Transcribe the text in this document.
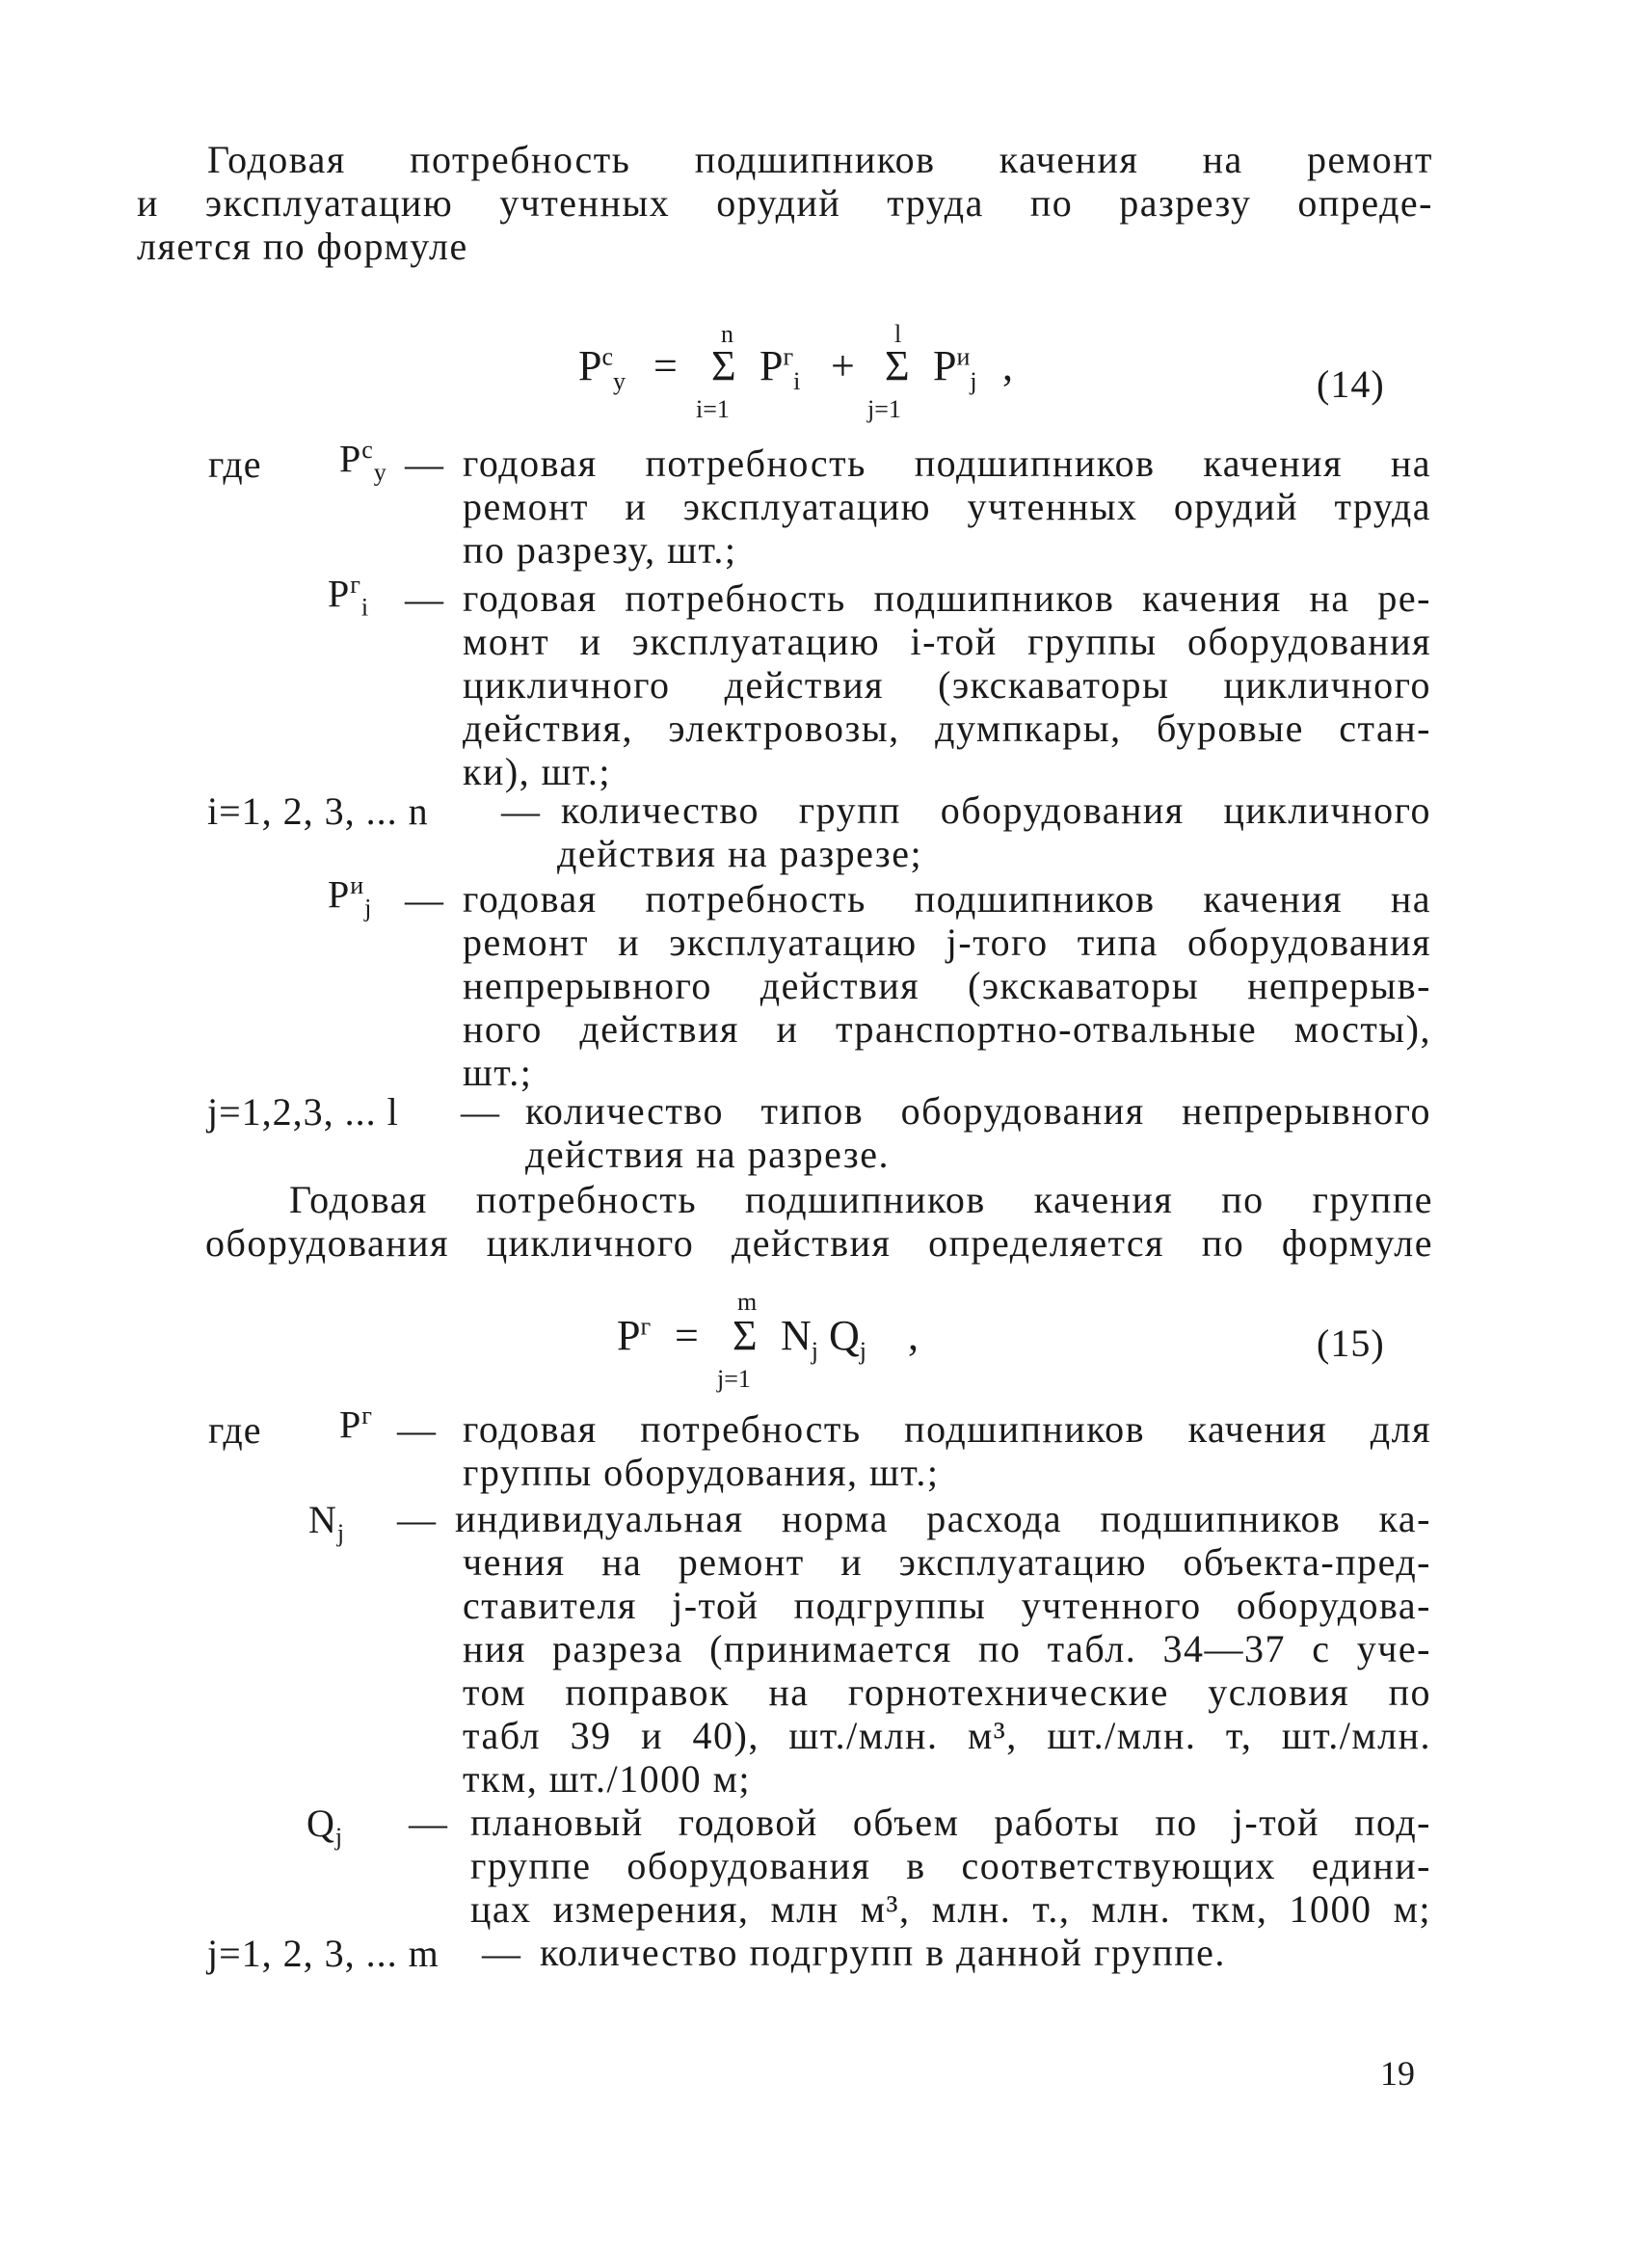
Годовая потребность подшипников качения на ремонт
и эксплуатацию учтенных орудий труда по разрезу опреде-
ляется по формуле
$P^c_у$ =
n
Σ
i=1
$P^г_i$ +
l
Σ
j=1
$P^и_j$ ,	(14)
где $P^c_у$ — годовая потребность подшипников качения на
ремонт и эксплуатацию учтенных орудий труда
по разрезу, шт.;
$P^г_i$ — годовая потребность подшипников качения на ре-
монт и эксплуатацию i-той группы оборудования
цикличного действия (экскаваторы цикличного
действия, электровозы, думпкары, буровые стан-
ки), шт.;
i=1, 2, 3, ... n — количество групп оборудования цикличного
действия на разрезе;
$P^и_j$ — годовая потребность подшипников качения на
ремонт и эксплуатацию j-того типа оборудования
непрерывного действия (экскаваторы непрерыв-
ного действия и транспортно-отвальные мосты),
шт.;
j=1,2,3, ... l — количество типов оборудования непрерывного
действия на разрезе.
Годовая потребность подшипников качения по группе
оборудования цикличного действия определяется по формуле
$P^г$ =
m
Σ
j=1
$N_j$ $Q_j$ ,	(15)
где $P^г$ — годовая потребность подшипников качения для
группы оборудования, шт.;
$N_j$ — индивидуальная норма расхода подшипников ка-
чения на ремонт и эксплуатацию объекта-пред-
ставителя j-той подгруппы учтенного оборудова-
ния разреза (принимается по табл. 34—37 с уче-
том поправок на горнотехнические условия по
табл 39 и 40), шт./млн. м³, шт./млн. т, шт./млн.
ткм, шт./1000 м;
$Q_j$ — плановый годовой объем работы по j-той под-
группе оборудования в соответствующих едини-
цах измерения, млн м³, млн. т., млн. ткм, 1000 м;
j=1, 2, 3, ... m — количество подгрупп в данной группе.
19
